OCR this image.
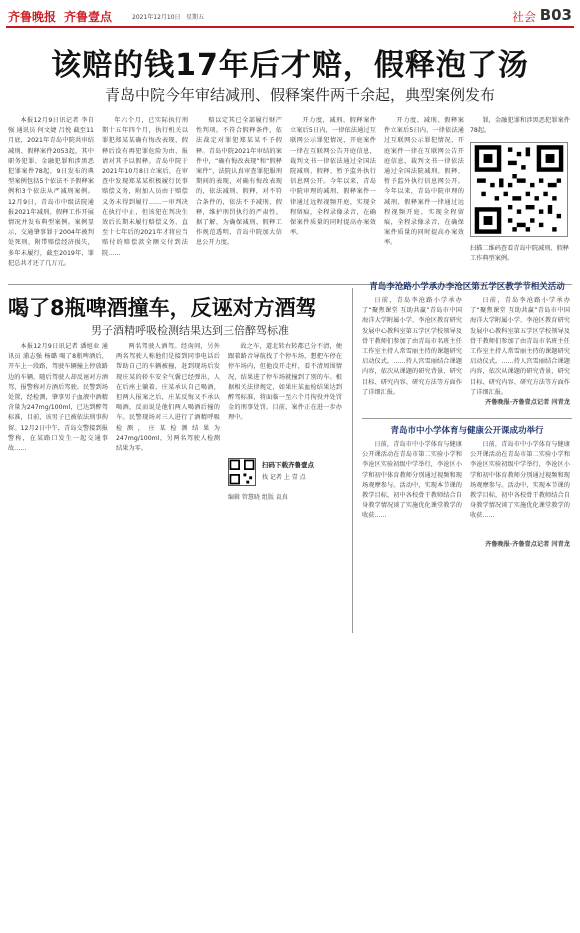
齐鲁晚报 齐鲁壹点	2021年12月10日 星期五	社会 B03
该赔的钱17年后才赔，假释泡了汤
青岛中院今年审结减刑、假释案件两千余起，典型案例发布

本报12月9日讯记者 李自强 通讯员 何文婕 吕悦 截至11月底，2021年青岛中院共审结减刑、假释案件2053起，其中职务犯罪、金融犯罪和涉黑恶犯罪案件78起，9日发布的典型案例包括5个依法不予假释案例和3个依法从严减刑案例。12月9日，青岛市中级法院通报2021年减刑、假释工作开展情况并发布典型案例。案例显示，交通肇事罪于2004年被判处死刑，附带赔偿经济损失，多年未履行，截至2019年，罪犯总共才还了几万元。

年六个月，已实际执行刑期十五年四个月，执行机关以罪犯郑某某确有悔改表现，假释后没有再犯罪危险为由，报请对其予以假释。青岛中院于2021年10月8日立案后，在审查中发现郑某某积极履行民事赔偿义务，附加人员由于赔偿义务未得到履行……一审判决在执行中止，但该犯在判决生效后长期未履行赔偿义务，直至十七年后的2021年才将应当赔付的赔偿款全额交付到法院……

赔以定其已全部履行财产性判项，不符合假释条件，依法裁定对罪犯郑某某不予假释。青岛中院2021年审结的案件中，“确有悔改表现”和“假释案件”，法院认真审查罪犯服刑期间的表现，对确有悔改表现的，依法减刑、假释，对不符合条件的，依法不予减刑、假释，维护刑罚执行的严肃性。据了解，为确保减刑、假释工作规范透明，青岛中院加大信息公开力度。

开力度，减刑、假释案件立案后5日内，一律依法通过互联网公示罪犯情况，开庭案件一律在互联网公告开庭信息，裁判文书一律依法通过全国法院减刑、假释、暂予监外执行信息网公开。今年以来，青岛中院审理的减刑、假释案件一律通过远程视频开庭，实现全程留痕，全程录像录音，在确保案件质量的同时提高办案效率。

开力度，减刑、假释案件立案后5日内，一律依法通过互联网公示罪犯情况，开庭案件一律在互联网公告开庭信息，裁判文书一律依法通过全国法院减刑、假释、暂予监外执行信息网公开。今年以来，青岛中院审理的减刑、假释案件一律通过远程视频开庭，实现全程留痕，全程录像录音，在确保案件质量的同时提高办案效率。

罪，金融犯罪和涉黑恶犯罪案件78起。

扫描二维码查看青岛中院减刑、假释工作典型案例。
喝了8瓶啤酒撞车，反诬对方酒驾
男子酒精呼吸检测结果达到三倍醉驾标准

本报12月9日讯记者 潘旭业 通讯员 浦志强 杨璐 喝了8瓶啤酒后，开车上一段路，驾驶车辆撞上停放路边的车辆，随后驾驶人却反诬对方酒驾，报警称对方酒后驾驶。民警到场处置，经检测，肇事男子血液中酒精含量为247mg/100ml，已达到醉驾标准，目前，该男子已被依法刑事拘留。12月2日中午，青岛交警接到报警称，在某路口发生一起交通事故……

两名驾驶人酒驾。经询问，另外两名驾驶人称他们是接到同事电话后帮助自己的车辆被撞，赶到现场后发现庄某的轿车安全气囊已经弹出，人在后座上躺着，庄某承认自己喝酒，但两人报案之后，庄某反悔又不承认喝酒，反而说是他们两人喝酒后撞的车。民警现场对三人进行了酒精呼吸检测，庄某检测结果为247mg/100ml，另两名驾驶人检测结果为零。

故之车，道北转右转都已分不清，便跟着路音导航找了个停车场，想把车停在停车场内，但他没开走杆，看不清周围情况，结果进了停车场就撞到了别的车。根据相关法律规定，如果庄某血检结果达到醉驾标准，将面临一至六个月拘役并处罚金的刑事处罚。目前，案件正在进一步办理中。

扫码下载齐鲁壹点
找 记者 上 壹 点
编辑 管慧晓 组版 袁真
青岛李沧路小学承办李沧区第五学区教学节相关活动

日前，青岛李沧路小学承办了“聚焦课堂 互助共赢”青岛市中国海洋大学附属小学、李沧区教育研究发展中心教科室第五学区学校领导及骨干教师们参加了由青岛市名班主任工作室主持人常雪丽主持的课题研究启动仪式。……持人宫雪丽结合课题内容，依次从课题的研究背景、研究目标、研究内容、研究方法等方面作了详细汇报。

日前，青岛李沧路小学承办了“聚焦课堂 互助共赢”青岛市中国海洋大学附属小学、李沧区教育研究发展中心教科室第五学区学校领导及骨干教师们参加了由青岛市名班主任工作室主持人常雪丽主持的课题研究启动仪式。……持人宫雪丽结合课题内容，依次从课题的研究背景、研究目标、研究内容、研究方法等方面作了详细汇报。

齐鲁晚报·齐鲁壹点记者 闫青龙
青岛市中小学体育与健康公开课成功举行

日前，青岛市中小学体育与健康公开课活动在青岛市第二实验小学和李沧区实验初级中学举行，李沧区小学和初中体育教师分别通过视频和现场观摩参与。活动中，实现本节课的教学目标，初中各校骨干教师结合自身教学情况谈了实施优化课堂教学的收获……

日前，青岛市中小学体育与健康公开课活动在青岛市第二实验小学和李沧区实验初级中学举行，李沧区小学和初中体育教师分别通过视频和现场观摩参与。活动中，实现本节课的教学目标，初中各校骨干教师结合自身教学情况谈了实施优化课堂教学的收获……

齐鲁晚报·齐鲁壹点记者 闫青龙
